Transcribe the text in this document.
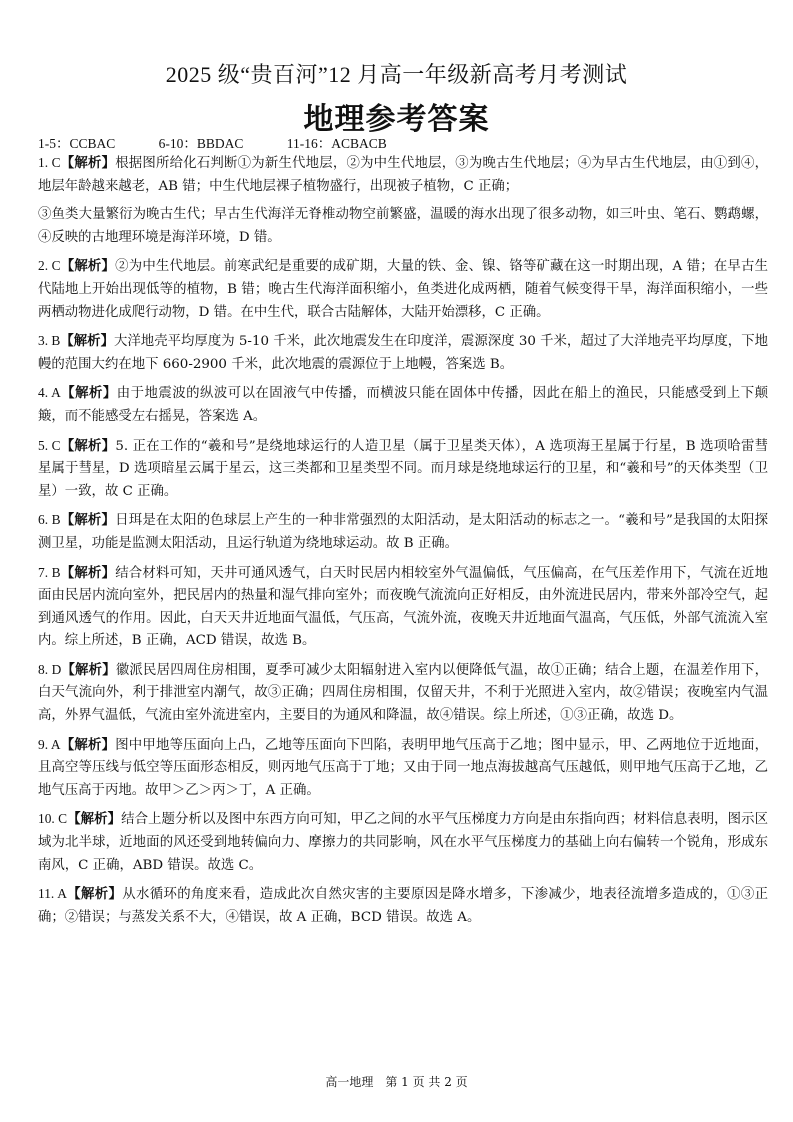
2025 级“贵百河”12 月高一年级新高考月考测试
地理参考答案
1-5：CCBAC	6-10：BBDAC	11-16：ACBACB

1. C【解析】根据图所给化石判断①为新生代地层，②为中生代地层，③为晚古生代地层；④为早古生代地层，由①到④， 地层年龄越来越老，AB 错；中生代地层裸子植物盛行，出现被子植物，C 正确；

③鱼类大量繁衍为晚古生代；早古生代海洋无脊椎动物空前繁盛，温暖的海水出现了很多动物，如三叶虫、笔石、鹦鹉螺，④反映的古地理环境是海洋环境，D 错。

2. C【解析】②为中生代地层。前寒武纪是重要的成矿期，大量的铁、金、镍、铬等矿藏在这一时期出现，A 错；在早古生代陆地上开始出现低等的植物，B 错；晚古生代海洋面积缩小，鱼类进化成两栖，随着气候变得干旱，海洋面积缩小，一些两栖动物进化成爬行动物，D 错。在中生代，联合古陆解体，大陆开始漂移，C 正确。

3. B【解析】大洋地壳平均厚度为 5-10 千米，此次地震发生在印度洋，震源深度 30 千米，超过了大洋地壳平均厚度，下地幔的范围大约在地下 660-2900 千米，此次地震的震源位于上地幔，答案选 B。

4. A【解析】由于地震波的纵波可以在固液气中传播，而横波只能在固体中传播，因此在船上的渔民，只能感受到上下颠簸，而不能感受左右摇晃，答案选 A。

5. C【解析】5. 正在工作的“羲和号”是绕地球运行的人造卫星（属于卫星类天体），A 选项海王星属于行星，B 选项哈雷彗星属于彗星，D 选项暗星云属于星云，这三类都和卫星类型不同。而月球是绕地球运行的卫星，和“羲和号”的天体类型（卫星）一致，故 C 正确。

6. B【解析】日珥是在太阳的色球层上产生的一种非常强烈的太阳活动，是太阳活动的标志之一。“羲和号”是我国的太阳探测卫星，功能是监测太阳活动，且运行轨道为绕地球运动。故 B 正确。

7. B【解析】结合材料可知，天井可通风透气，白天时民居内相较室外气温偏低，气压偏高，在气压差作用下，气流在近地面由民居内流向室外，把民居内的热量和湿气排向室外；而夜晚气流流向正好相反，由外流进民居内，带来外部冷空气，起到通风透气的作用。因此，白天天井近地面气温低，气压高，气流外流，夜晚天井近地面气温高，气压低，外部气流流入室内。综上所述，B 正确，ACD 错误，故选 B。

8. D【解析】徽派民居四周住房相围，夏季可减少太阳辐射进入室内以便降低气温，故①正确；结合上题，在温差作用下，白天气流向外，利于排泄室内潮气，故③正确；四周住房相围，仅留天井，不利于光照进入室内，故②错误；夜晚室内气温高，外界气温低，气流由室外流进室内，主要目的为通风和降温，故④错误。综上所述，①③正确，故选 D。

9. A【解析】图中甲地等压面向上凸，乙地等压面向下凹陷，表明甲地气压高于乙地；图中显示，甲、乙两地位于近地面，且高空等压线与低空等压面形态相反，则丙地气压高于丁地；又由于同一地点海拔越高气压越低，则甲地气压高于乙地，乙地气压高于丙地。故甲＞乙＞丙＞丁，A 正确。

10. C【解析】结合上题分析以及图中东西方向可知，甲乙之间的水平气压梯度力方向是由东指向西；材料信息表明，图示区域为北半球，近地面的风还受到地转偏向力、摩擦力的共同影响，风在水平气压梯度力的基础上向右偏转一个锐角，形成东南风，C 正确，ABD 错误。故选 C。

11. A【解析】从水循环的角度来看，造成此次自然灾害的主要原因是降水增多，下渗减少，地表径流增多造成的，①③正确；②错误；与蒸发关系不大，④错误，故 A 正确，BCD 错误。故选 A。

高一地理　第 1 页 共 2 页
